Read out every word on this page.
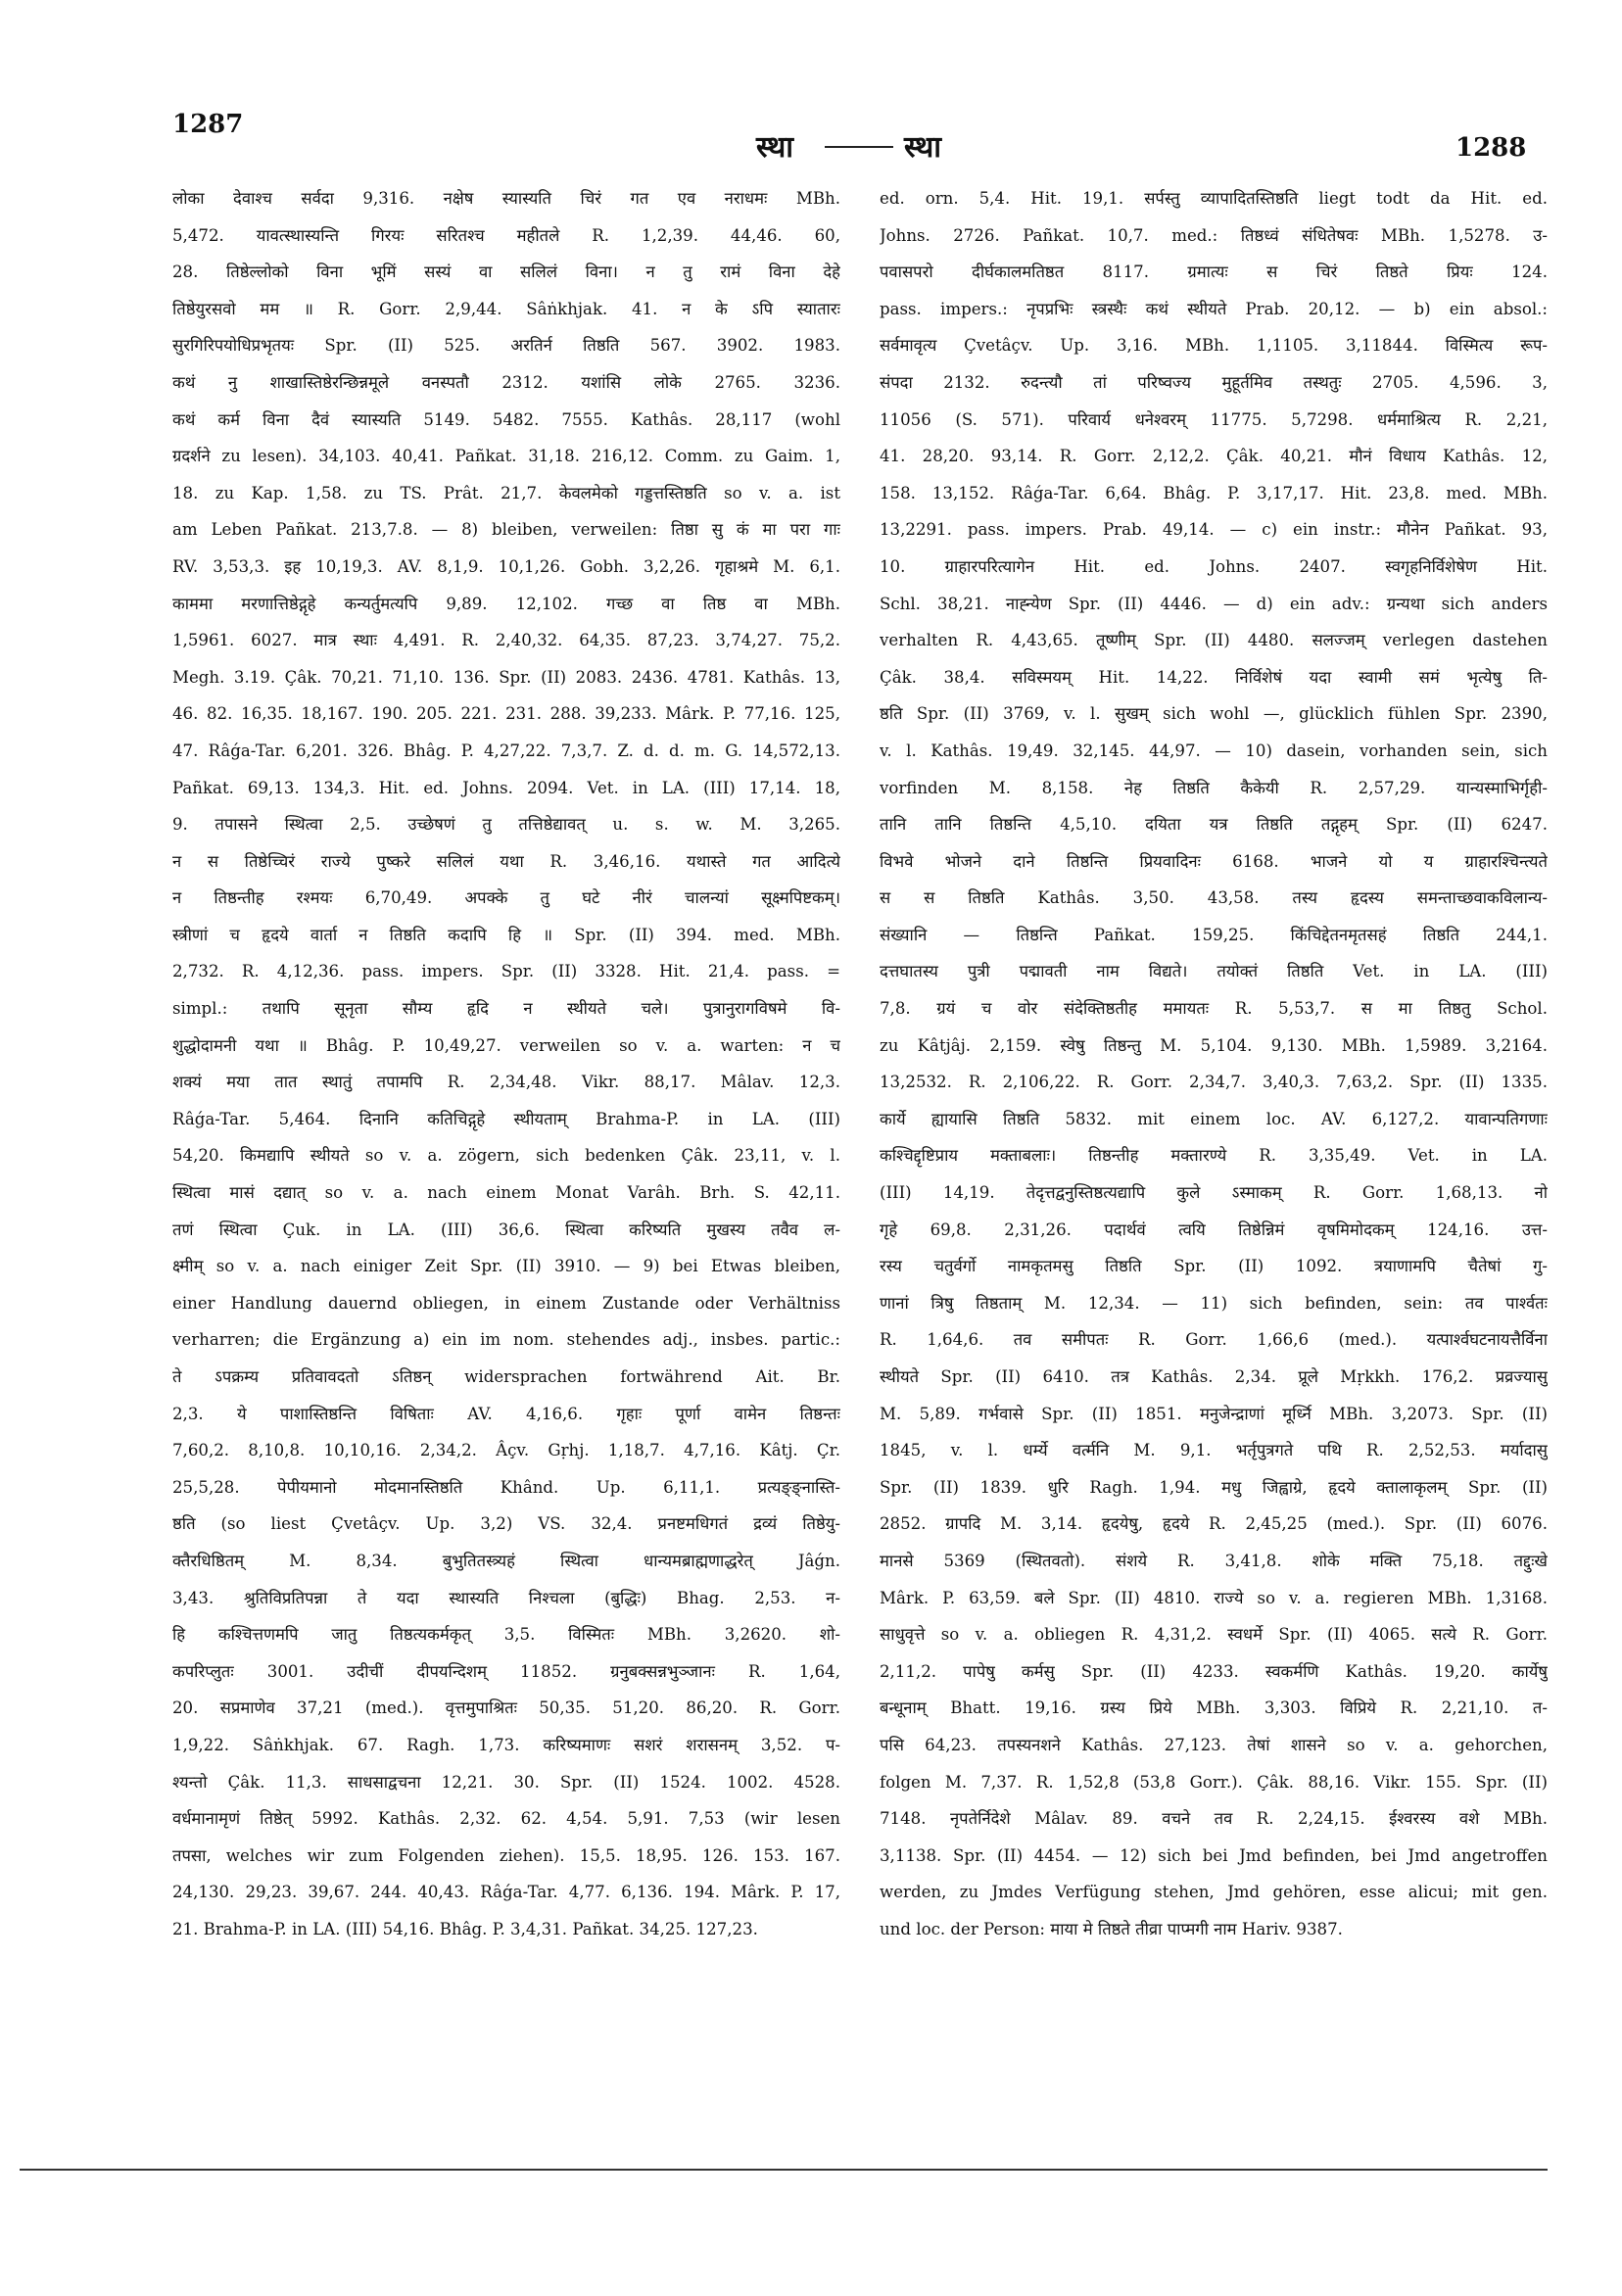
1287
स्था	स्था	1288
लोका देवाश्च सर्वदा 9,316. नक्षेष स्यास्यति चिरं गत एव नराधमः MBh.
5,472. यावत्स्थास्यन्ति गिरयः सरितश्च महीतले R. 1,2,39. 44,46. 60,
28. तिष्ठेल्लोको विना भूमिं सस्यं वा सलिलं विना। न तु रामं विना देहे
तिष्ठेयुरसवो मम ॥ R. Gorr. 2,9,44. Sâṅkhjak. 41. न के ऽपि स्यातारः
सुरगिरिपयोधिप्रभृतयः Spr. (II) 525. अरतिर्न तिष्ठति 567. 3902. 1983.
कथं नु शाखास्तिष्ठेरन्छिन्नमूले वनस्पतौ 2312. यशांसि लोके 2765. 3236.
कथं कर्म विना दैवं स्यास्यति 5149. 5482. 7555. Kathâs. 28,117 (wohl
ग्रदर्शने zu lesen). 34,103. 40,41. Pañkat. 31,18. 216,12. Comm. zu Gaim. 1,
18. zu Kap. 1,58. zu TS. Prât. 21,7. केवलमेको गड्डत्तस्तिष्ठति so v. a. ist
am Leben Pañkat. 213,7.8. — 8) bleiben, verweilen: तिष्ठा सु कं मा परा गाः
RV. 3,53,3. इह 10,19,3. AV. 8,1,9. 10,1,26. Gobh. 3,2,26. गृहाश्रमे M. 6,1.
काममा मरणात्तिष्ठेद्गृहे कन्यर्तुमत्यपि 9,89. 12,102. गच्छ वा तिष्ठ वा MBh.
1,5961. 6027. मात्र स्थाः 4,491. R. 2,40,32. 64,35. 87,23. 3,74,27. 75,2.
Megh. 3.19. Çâk. 70,21. 71,10. 136. Spr. (II) 2083. 2436. 4781. Kathâs. 13,
46. 82. 16,35. 18,167. 190. 205. 221. 231. 288. 39,233. Mârk. P. 77,16. 125,
47. Râǵa-Tar. 6,201. 326. Bhâg. P. 4,27,22. 7,3,7. Z. d. d. m. G. 14,572,13.
Pañkat. 69,13. 134,3. Hit. ed. Johns. 2094. Vet. in LA. (III) 17,14. 18,
9. तपासने स्थित्वा 2,5. उच्छेषणं तु तत्तिष्ठेद्यावत् u. s. w. M. 3,265.
न स तिष्ठेच्चिरं राज्ये पुष्करे सलिलं यथा R. 3,46,16. यथास्ते गत आदित्ये
न तिष्ठन्तीह रश्मयः 6,70,49. अपक्के तु घटे नीरं चालन्यां सूक्ष्मपिष्टकम्।
स्त्रीणां च हृदये वार्ता न तिष्ठति कदापि हि ॥ Spr. (II) 394. med. MBh.
2,732. R. 4,12,36. pass. impers. Spr. (II) 3328. Hit. 21,4. pass. =
simpl.: तथापि सूनृता सौम्य हृदि न स्थीयते चले। पुत्रानुरागविषमे वि-
शुद्धोदामनी यथा ॥ Bhâg. P. 10,49,27. verweilen so v. a. warten: न च
शक्यं मया तात स्थातुं तपामपि R. 2,34,48. Vikr. 88,17. Mâlav. 12,3.
Râǵa-Tar. 5,464. दिनानि कतिचिद्गृहे स्थीयताम् Brahma-P. in LA. (III)
54,20. किमद्यापि स्थीयते so v. a. zögern, sich bedenken Çâk. 23,11, v. l.
स्थित्वा मासं दद्यात् so v. a. nach einem Monat Varâh. Brh. S. 42,11.
तणं स्थित्वा Çuk. in LA. (III) 36,6. स्थित्वा करिष्यति मुखस्य तवैव ल-
क्ष्मीम् so v. a. nach einiger Zeit Spr. (II) 3910. — 9) bei Etwas bleiben,
einer Handlung dauernd obliegen, in einem Zustande oder Verhältniss
verharren; die Ergänzung a) ein im nom. stehendes adj., insbes. partic.:
ते ऽपक्रम्य प्रतिवावदतो ऽतिष्ठन् widersprachen fortwährend Ait. Br.
2,3. ये पाशास्तिष्ठन्ति विषिताः AV. 4,16,6. गृहाः पूर्णा वामेन तिष्ठन्तः
7,60,2. 8,10,8. 10,10,16. 2,34,2. Âçv. Gṛhj. 1,18,7. 4,7,16. Kâtj. Çr.
25,5,28. पेपीयमानो मोदमानस्तिष्ठति Khând. Up. 6,11,1. प्रत्यङ्ङ्नास्ति-
ष्ठति (so liest Çvetâçv. Up. 3,2) VS. 32,4. प्रनष्टमधिगतं द्रव्यं तिष्ठेयु-
क्तैरधिष्ठितम् M. 8,34. बुभुतितस्त्र्यहं स्थित्वा धान्यमब्राह्मणाद्धरेत् Jâǵn.
3,43. श्रुतिविप्रतिपन्ना ते यदा स्थास्यति निश्चला (बुद्धिः) Bhag. 2,53. न-
हि कश्चित्तणमपि जातु तिष्ठत्यकर्मकृत् 3,5. विस्मितः MBh. 3,2620. शो-
कपरिप्लुतः 3001. उदीचीं दीपयन्दिशम् 11852. ग्रनुबक्सन्नभुञ्जानः R. 1,64,
20. सप्रमाणेव 37,21 (med.). वृत्तमुपाश्रितः 50,35. 51,20. 86,20. R. Gorr.
1,9,22. Sâṅkhjak. 67. Ragh. 1,73. करिष्यमाणः सशरं शरासनम् 3,52. प-
श्यन्तो Çâk. 11,3. साधसाद्वचना 12,21. 30. Spr. (II) 1524. 1002. 4528.
वर्धमानामृणं तिष्ठेत् 5992. Kathâs. 2,32. 62. 4,54. 5,91. 7,53 (wir lesen
तपसा, welches wir zum Folgenden ziehen). 15,5. 18,95. 126. 153. 167.
24,130. 29,23. 39,67. 244. 40,43. Râǵa-Tar. 4,77. 6,136. 194. Mârk. P. 17,
21. Brahma-P. in LA. (III) 54,16. Bhâg. P. 3,4,31. Pañkat. 34,25. 127,23.
ed. orn. 5,4. Hit. 19,1. सर्पस्तु व्यापादितस्तिष्ठति liegt todt da Hit. ed.
Johns. 2726. Pañkat. 10,7. med.: तिष्ठध्वं संधितेषवः MBh. 1,5278. उ-
पवासपरो दीर्घकालमतिष्ठत 8117. ग्रमात्यः स चिरं तिष्ठते प्रियः 124.
pass. impers.: नृपप्रभिः स्त्रस्थैः कथं स्थीयते Prab. 20,12. — b) ein absol.:
सर्वमावृत्य Çvetâçv. Up. 3,16. MBh. 1,1105. 3,11844. विस्मित्य रूप-
संपदा 2132. रुदन्त्यौ तां परिष्वज्य मुहूर्तमिव तस्थतुः 2705. 4,596. 3,
11056 (S. 571). परिवार्य धनेश्वरम् 11775. 5,7298. धर्ममाश्रित्य R. 2,21,
41. 28,20. 93,14. R. Gorr. 2,12,2. Çâk. 40,21. मौनं विधाय Kathâs. 12,
158. 13,152. Râǵa-Tar. 6,64. Bhâg. P. 3,17,17. Hit. 23,8. med. MBh.
13,2291. pass. impers. Prab. 49,14. — c) ein instr.: मौनेन Pañkat. 93,
10. ग्राहारपरित्यागेन Hit. ed. Johns. 2407. स्वगृहनिर्विशेषेण Hit.
Schl. 38,21. नाह्न्येण Spr. (II) 4446. — d) ein adv.: ग्रन्यथा sich anders
verhalten R. 4,43,65. तूष्णीम् Spr. (II) 4480. सलज्जम् verlegen dastehen
Çâk. 38,4. सविस्मयम् Hit. 14,22. निर्विशेषं यदा स्वामी समं भृत्येषु ति-
ष्ठति Spr. (II) 3769, v. l. सुखम् sich wohl —, glücklich fühlen Spr. 2390,
v. l. Kathâs. 19,49. 32,145. 44,97. — 10) dasein, vorhanden sein, sich
vorfinden M. 8,158. नेह तिष्ठति कैकेयी R. 2,57,29. यान्यस्माभिर्गृही-
तानि तानि तिष्ठन्ति 4,5,10. दयिता यत्र तिष्ठति तद्गृहम् Spr. (II) 6247.
विभवे भोजने दाने तिष्ठन्ति प्रियवादिनः 6168. भाजने यो य ग्राहारश्चिन्त्यते
स स तिष्ठति Kathâs. 3,50. 43,58. तस्य हृदस्य समन्ताच्छवाकविलान्य-
संख्यानि — तिष्ठन्ति Pañkat. 159,25. किंचिद्देतनमृतसहं तिष्ठति 244,1.
दत्तघातस्य पुत्री पद्मावती नाम विद्यते। तयोक्तं तिष्ठति Vet. in LA. (III)
7,8. ग्रयं च वोर संदेक्तिष्ठतीह ममायतः R. 5,53,7. स मा तिष्ठतु Schol.
zu Kâtjâj. 2,159. स्वेषु तिष्ठन्तु M. 5,104. 9,130. MBh. 1,5989. 3,2164.
13,2532. R. 2,106,22. R. Gorr. 2,34,7. 3,40,3. 7,63,2. Spr. (II) 1335.
कार्ये ह्यायासि तिष्ठति 5832. mit einem loc. AV. 6,127,2. यावान्पतिगणाः
कश्चिद्दृष्टिप्राय मक्ताबलाः। तिष्ठन्तीह मक्तारण्ये R. 3,35,49. Vet. in LA.
(III) 14,19. तेदृत्तद्वनुस्तिष्ठत्यद्यापि कुले ऽस्माकम् R. Gorr. 1,68,13. नो
गृहे 69,8. 2,31,26. पदार्थवं त्वयि तिष्ठेन्निमं वृषमिमोदकम् 124,16. उत्त-
रस्य चतुर्वर्गो नामकृतमसु तिष्ठति Spr. (II) 1092. त्रयाणामपि चैतेषां गु-
णानां त्रिषु तिष्ठताम् M. 12,34. — 11) sich befinden, sein: तव पार्श्वतः
R. 1,64,6. तव समीपतः R. Gorr. 1,66,6 (med.). यत्पार्श्वघटनायत्तैर्विना
स्थीयते Spr. (II) 6410. तत्र Kathâs. 2,34. प्रूले Mṛkkh. 176,2. प्रव्रज्यासु
M. 5,89. गर्भवासे Spr. (II) 1851. मनुजेन्द्राणां मूर्ध्नि MBh. 3,2073. Spr. (II)
1845, v. l. धर्म्ये वर्त्मनि M. 9,1. भर्तृपुत्रगते पथि R. 2,52,53. मर्यादासु
Spr. (II) 1839. धुरि Ragh. 1,94. मधु जिह्वाग्रे, हृदये क्तालाकृलम् Spr. (II)
2852. ग्रापदि M. 3,14. हृदयेषु, हृदये R. 2,45,25 (med.). Spr. (II) 6076.
मानसे 5369 (स्थितवतो). संशये R. 3,41,8. शोके मक्ति 75,18. तद्दुःखे
Mârk. P. 63,59. बले Spr. (II) 4810. राज्ये so v. a. regieren MBh. 1,3168.
साधुवृत्ते so v. a. obliegen R. 4,31,2. स्वधर्मे Spr. (II) 4065. सत्ये R. Gorr.
2,11,2. पापेषु कर्मसु Spr. (II) 4233. स्वकर्मणि Kathâs. 19,20. कार्येषु
बन्धूनाम् Bhatt. 19,16. ग्रस्य प्रिये MBh. 3,303. विप्रिये R. 2,21,10. त-
पसि 64,23. तपस्यनशने Kathâs. 27,123. तेषां शासने so v. a. gehorchen,
folgen M. 7,37. R. 1,52,8 (53,8 Gorr.). Çâk. 88,16. Vikr. 155. Spr. (II)
7148. नृपतेर्निदेशे Mâlav. 89. वचने तव R. 2,24,15. ईश्वरस्य वशे MBh.
3,1138. Spr. (II) 4454. — 12) sich bei Jmd befinden, bei Jmd angetroffen
werden, zu Jmdes Verfügung stehen, Jmd gehören, esse alicui; mit gen.
und loc. der Person: माया मे तिष्ठते तीव्रा पाप्मगी नाम Hariv. 9387.
